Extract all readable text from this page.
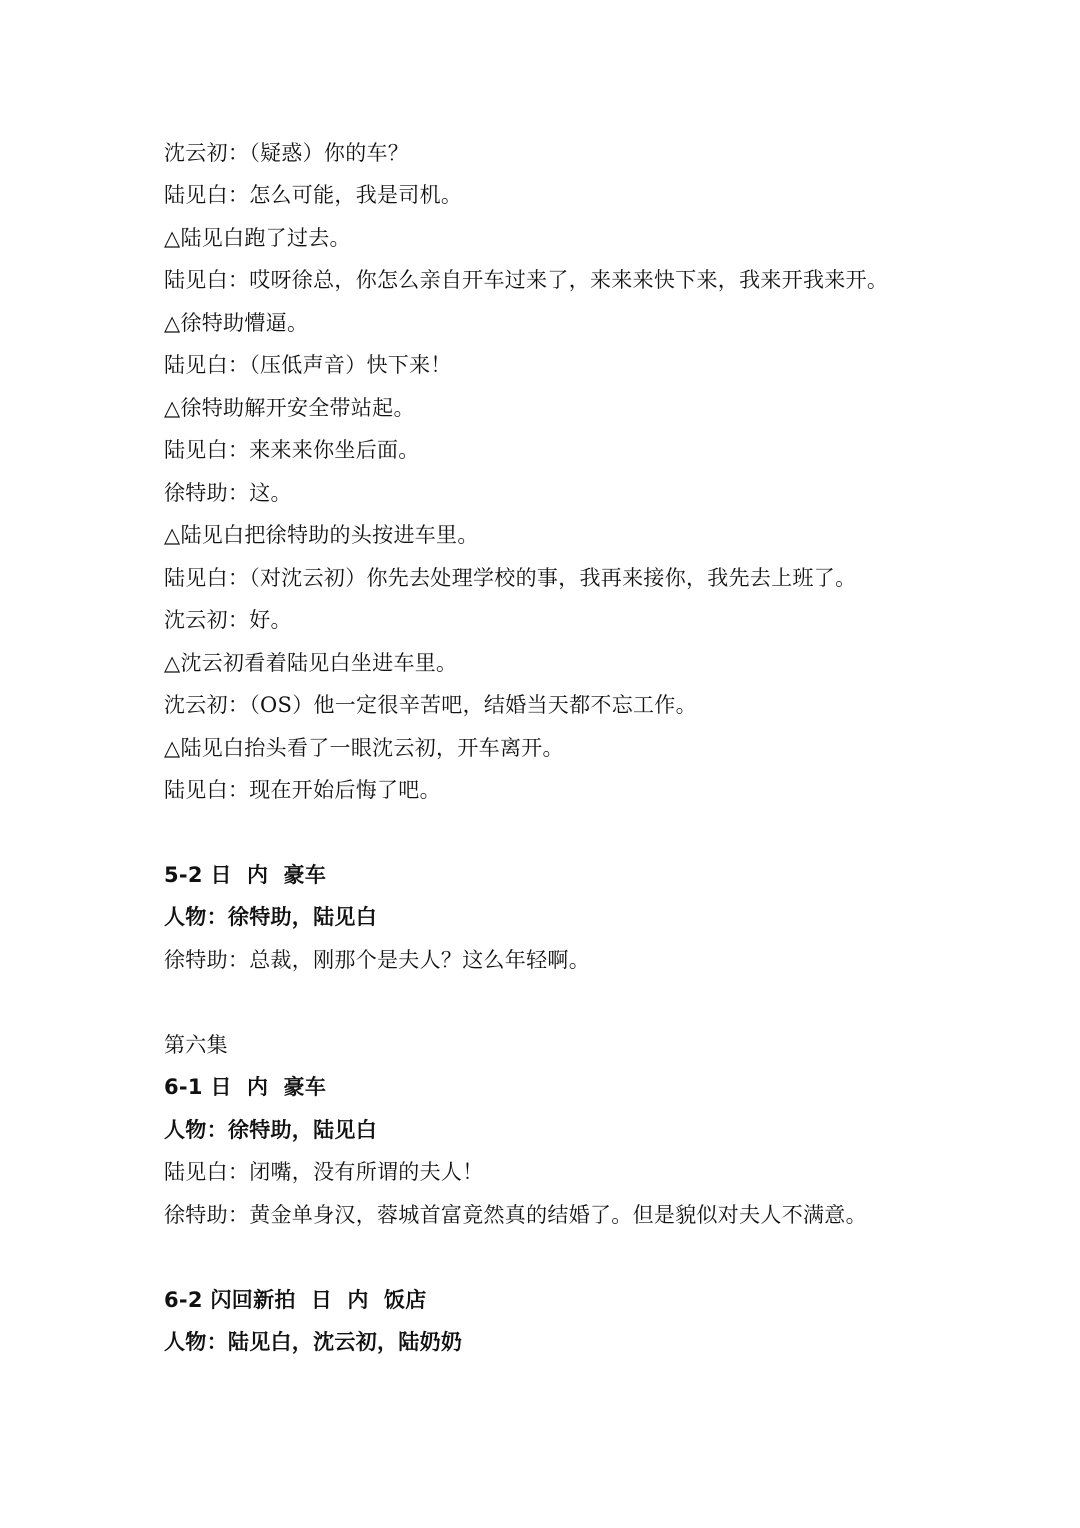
沈云初：（疑惑）你的车？
陆见白：怎么可能，我是司机。
△陆见白跑了过去。
陆见白：哎呀徐总，你怎么亲自开车过来了，来来来快下来，我来开我来开。
△徐特助懵逼。
陆见白：（压低声音）快下来！
△徐特助解开安全带站起。
陆见白：来来来你坐后面。
徐特助：这。
△陆见白把徐特助的头按进车里。
陆见白：（对沈云初）你先去处理学校的事，我再来接你，我先去上班了。
沈云初：好。
△沈云初看着陆见白坐进车里。
沈云初：（OS）他一定很辛苦吧，结婚当天都不忘工作。
△陆见白抬头看了一眼沈云初，开车离开。
陆见白：现在开始后悔了吧。
5-2 日  内  豪车
人物：徐特助，陆见白
徐特助：总裁，刚那个是夫人？这么年轻啊。
第六集
6-1 日  内  豪车
人物：徐特助，陆见白
陆见白：闭嘴，没有所谓的夫人！
徐特助：黄金单身汉，蓉城首富竟然真的结婚了。但是貌似对夫人不满意。
6-2 闪回新拍  日  内  饭店
人物：陆见白，沈云初，陆奶奶
